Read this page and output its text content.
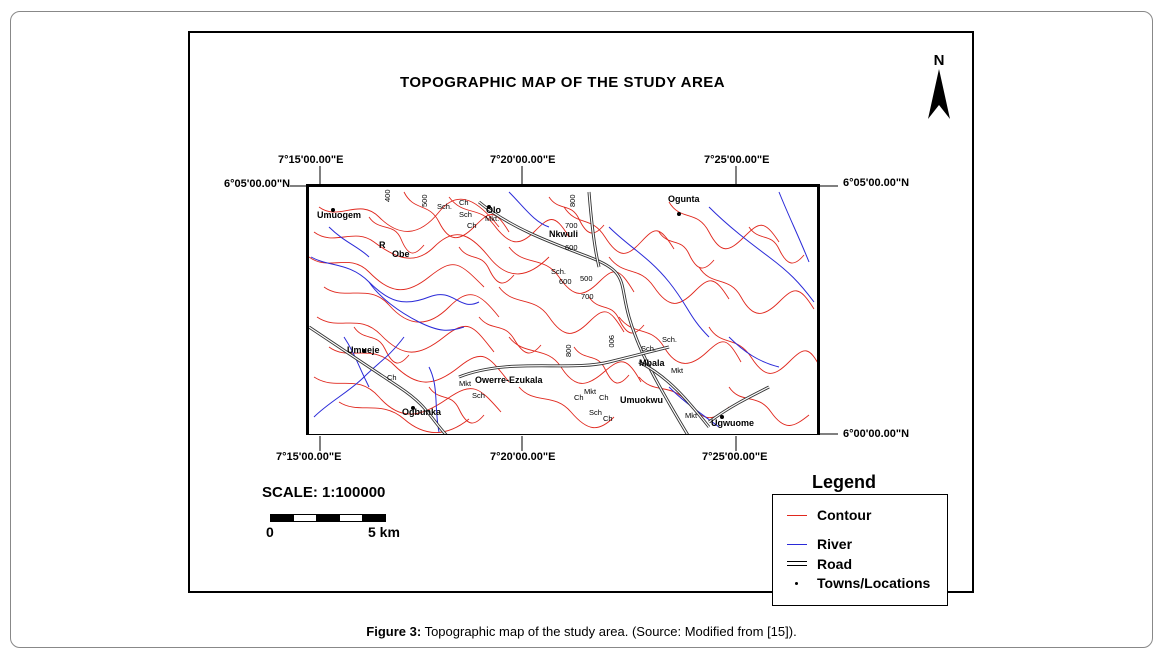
TOPOGRAPHIC MAP OF THE STUDY AREA
N
7°15'00.00"E	7°20'00.00"E	7°25'00.00"E
7°15'00.00"E	7°20'00.00"E	7°25'00.00"E
6°05'00.00"N	6°05'00.00"N
6°00'00.00"N
Umuogem	Olo
Ogunta
Nkwuli
R
Obe
Umueje
Owerre-Ezukala
Ogbunka
Mbala
Umuokwu
Ugwuome
Sch. Ch
Sch
Ch
Mkt.
Sch.
Sch.
Sch.
Ch
Mkt
Sch	Mkt
Ch Ch
Sch
Ch
Mkt
Mkt
400	500	800
700
600
600 500
700
800
900
SCALE: 1:100000
0	5 km
Legend
Contour
River
Road
Towns/Locations
Figure 3: Topographic map of the study area. (Source: Modified from [15]).
